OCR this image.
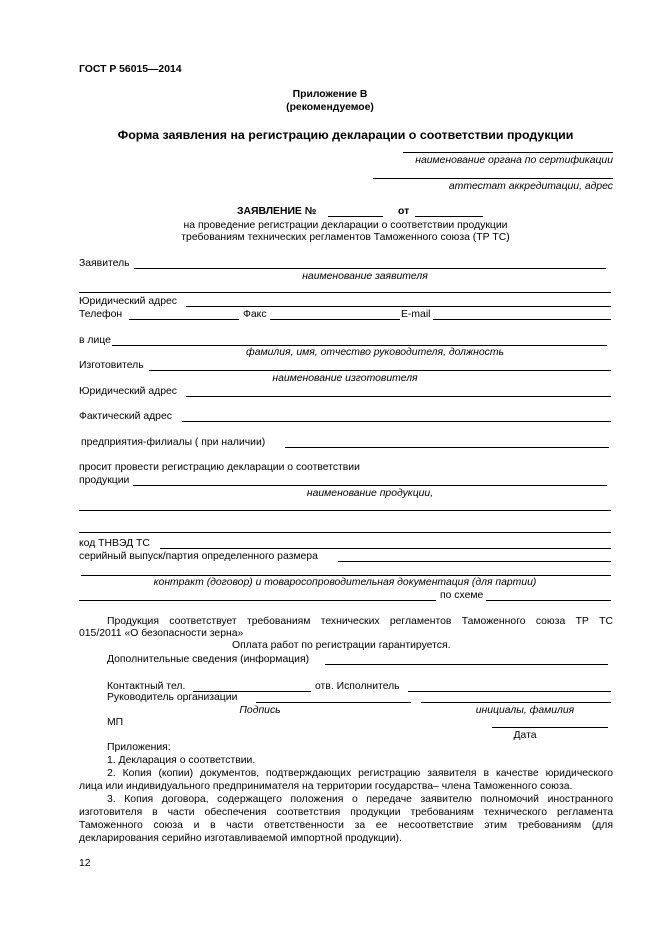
ГОСТ Р 56015—2014
Приложение В
(рекомендуемое)
Форма заявления на регистрацию декларации о соответствии продукции
наименование органа по сертификации
аттестат аккредитации, адрес
ЗАЯВЛЕНИЕ №	от
на проведение регистрации декларации о соответствии продукции
требованиям технических регламентов Таможенного союза (ТР ТС)
Заявитель
наименование заявителя
Юридический адрес
Телефон	Факс	E-mail
в лице
фамилия, имя, отчество руководителя, должность
Изготовитель
наименование изготовителя
Юридический адрес
Фактический адрес
предприятия-филиалы ( при наличии)
просит провести регистрацию декларации о соответствии
продукции
наименование продукции,
код ТНВЭД ТС
серийный выпуск/партия определенного размера
контракт (договор) и товаросопроводительная документация (для партии)
по схеме
Продукция соответствует требованиям технических регламентов Таможенного союза ТР ТС
015/2011 «О безопасности зерна»
Оплата работ по регистрации гарантируется.
Дополнительные сведения (информация)
Контактный тел.	отв. Исполнитель
Руководитель организации
Подпись	инициалы, фамилия
МП
Дата
Приложения:
1. Декларация о соответствии.
2. Копия (копии) документов, подтверждающих регистрацию заявителя в качестве юридического
лица или индивидуального предпринимателя на территории государства– члена Таможенного союза.
3. Копия договора, содержащего положения о передаче заявителю полномочий иностранного
изготовителя в части обеспечения соответствия продукции требованиям технического регламента
Таможенного союза и в части ответственности за ее несоответствие этим требованиям (для
декларирования серийно изготавливаемой импортной продукции).
12
